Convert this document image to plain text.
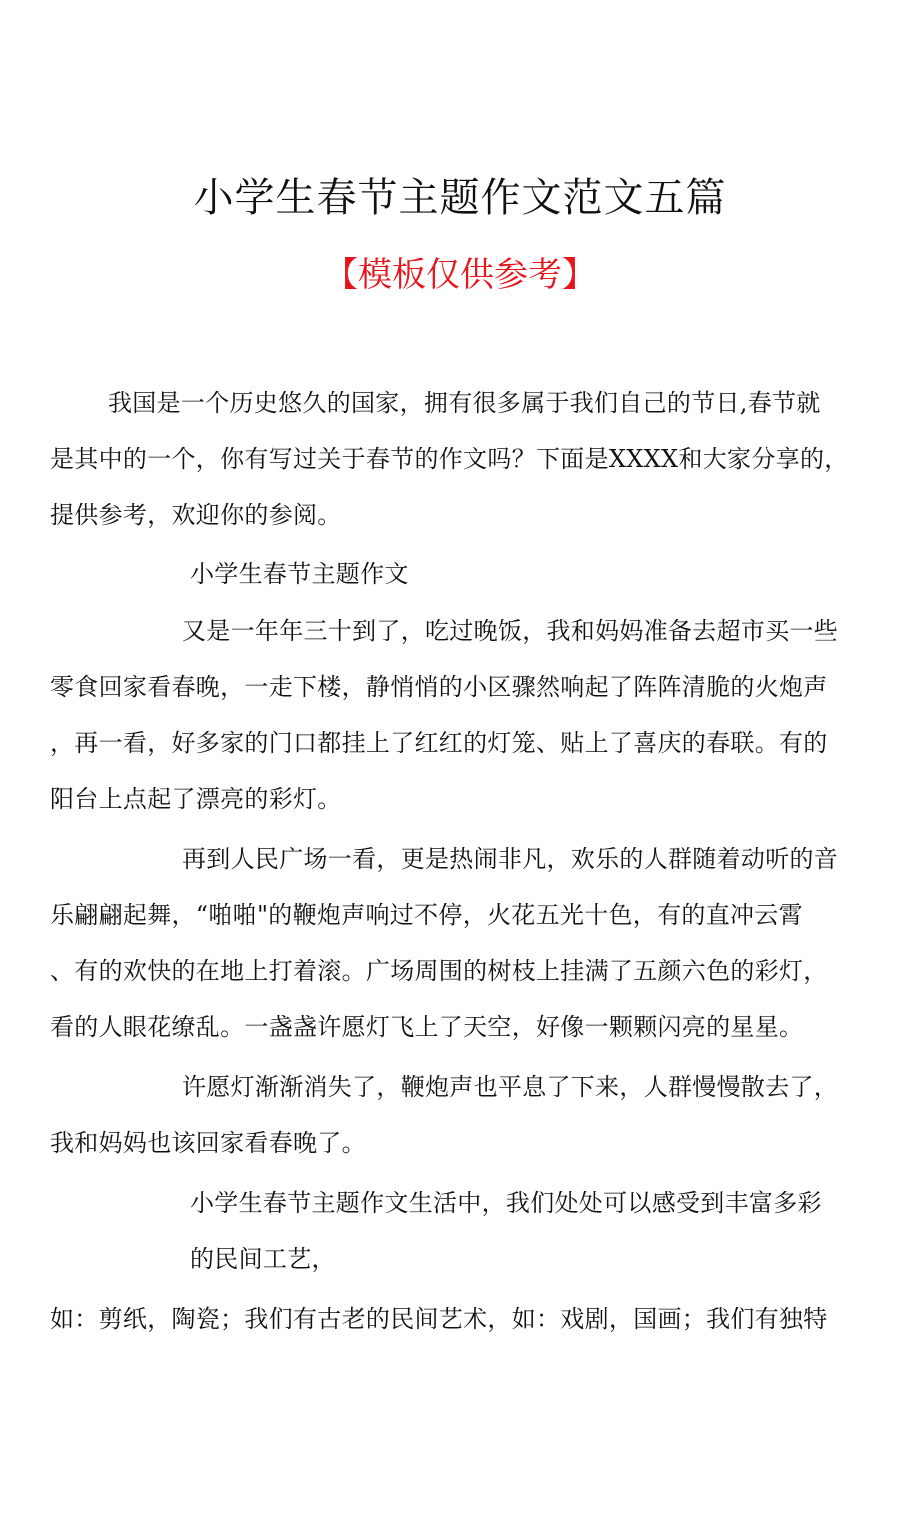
小学生春节主题作文范文五篇
【模板仅供参考】
我国是一个历史悠久的国家，拥有很多属于我们自己的节日,春节就
是其中的一个，你有写过关于春节的作文吗？下面是XXXX和大家分享的，
提供参考，欢迎你的参阅。
小学生春节主题作文
又是一年年三十到了，吃过晚饭，我和妈妈准备去超市买一些
零食回家看春晚，一走下楼，静悄悄的小区骤然响起了阵阵清脆的火炮声
，再一看，好多家的门口都挂上了红红的灯笼、贴上了喜庆的春联。有的
阳台上点起了漂亮的彩灯。
再到人民广场一看，更是热闹非凡，欢乐的人群随着动听的音
乐翩翩起舞，“啪啪"的鞭炮声响过不停，火花五光十色，有的直冲云霄
、有的欢快的在地上打着滚。广场周围的树枝上挂满了五颜六色的彩灯，
看的人眼花缭乱。一盏盏许愿灯飞上了天空，好像一颗颗闪亮的星星。
许愿灯渐渐消失了，鞭炮声也平息了下来，人群慢慢散去了，
我和妈妈也该回家看春晚了。
小学生春节主题作文生活中，我们处处可以感受到丰富多彩
的民间工艺，
如：剪纸，陶瓷；我们有古老的民间艺术，如：戏剧，国画；我们有独特
